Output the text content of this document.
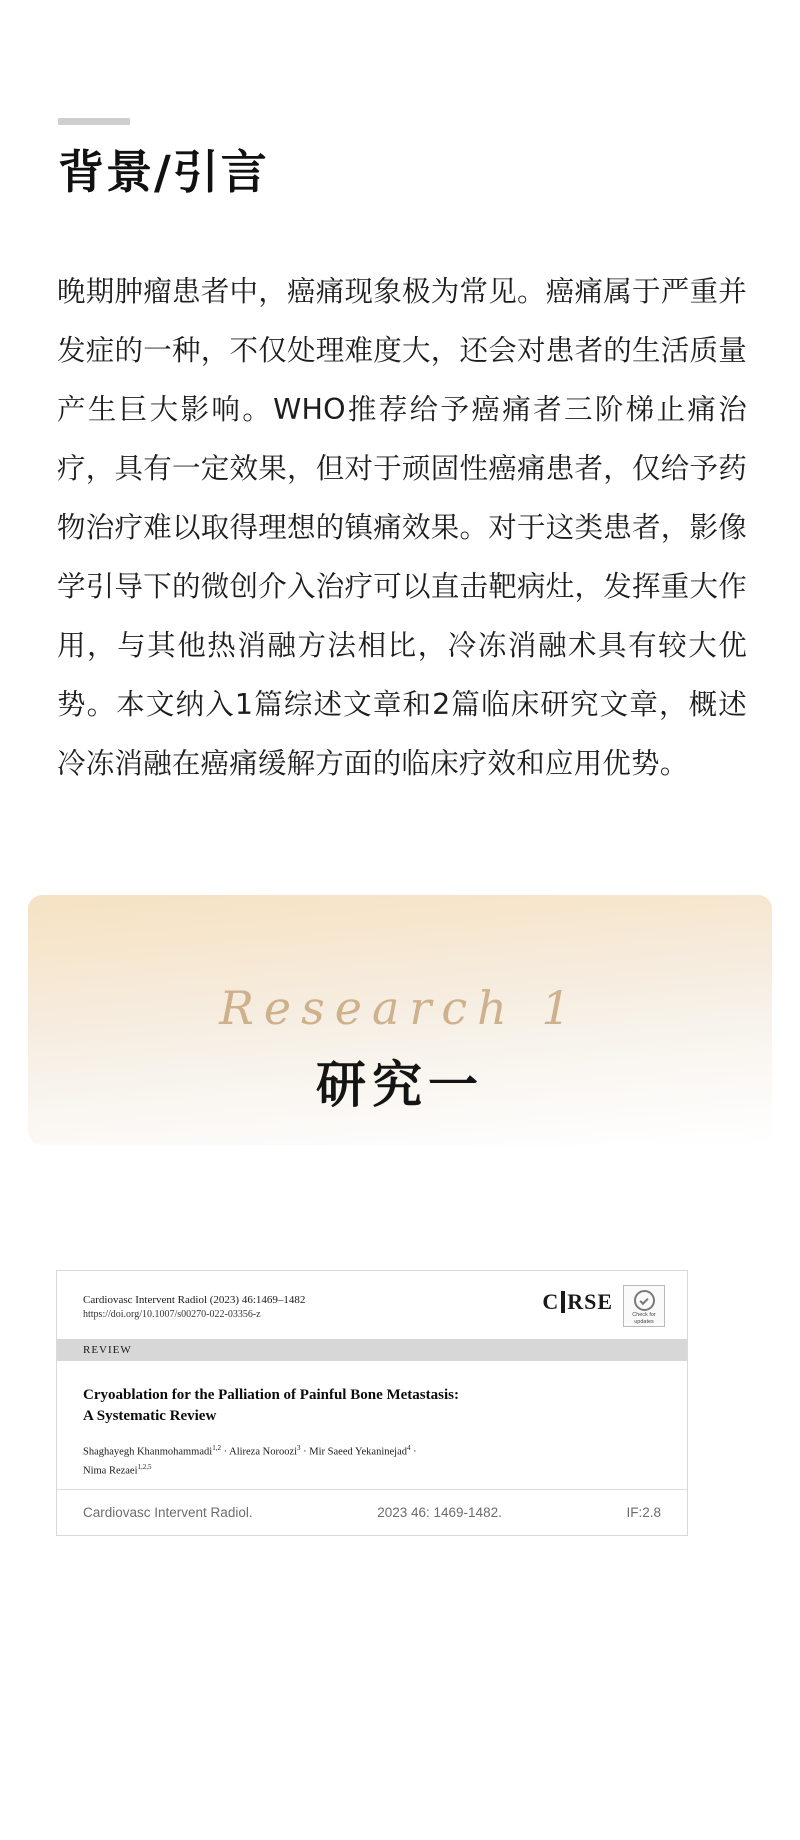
背景/引言
晚期肿瘤患者中，癌痛现象极为常见。癌痛属于严重并发症的一种，不仅处理难度大，还会对患者的生活质量产生巨大影响。WHO推荐给予癌痛者三阶梯止痛治疗，具有一定效果，但对于顽固性癌痛患者，仅给予药物治疗难以取得理想的镇痛效果。对于这类患者，影像学引导下的微创介入治疗可以直击靶病灶，发挥重大作用，与其他热消融方法相比，冷冻消融术具有较大优势。本文纳入1篇综述文章和2篇临床研究文章，概述冷冻消融在癌痛缓解方面的临床疗效和应用优势。
Research 1
研究一
Cardiovasc Intervent Radiol (2023) 46:1469–1482
https://doi.org/10.1007/s00270-022-03356-z
C RSE
Check for updates
REVIEW
Cryoablation for the Palliation of Painful Bone Metastasis:
A Systematic Review
Shaghayegh Khanmohammadi$^{1,2}$ · Alireza Noroozi$^3$ · Mir Saeed Yekaninejad$^4$ ·
Nima Rezaei$^{1,2,5}$
Cardiovasc Intervent Radiol.	2023 46: 1469-1482.	IF:2.8
